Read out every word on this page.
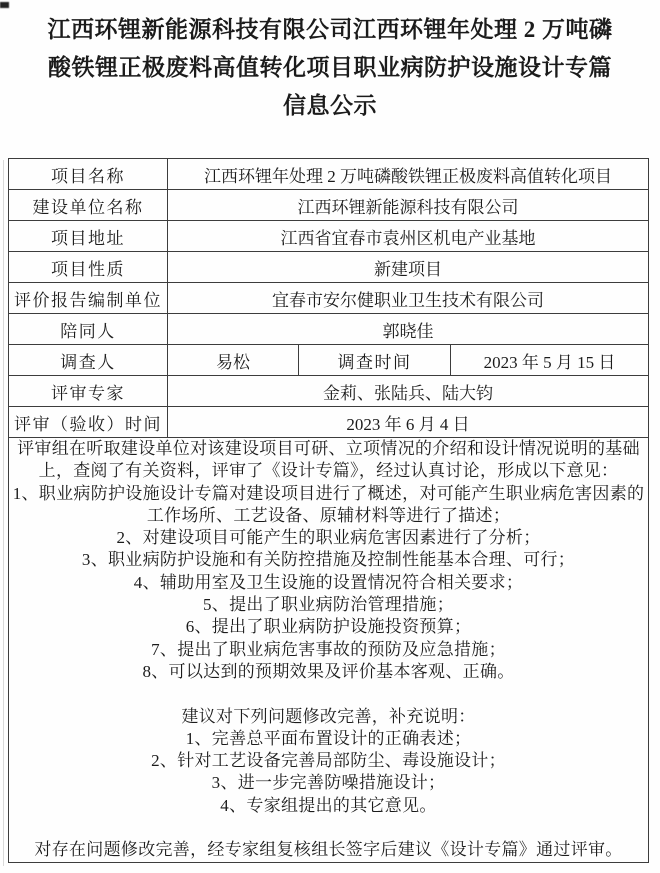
江西环锂新能源科技有限公司江西环锂年处理 2 万吨磷
酸铁锂正极废料高值转化项目职业病防护设施设计专篇
信息公示
项目名称	江西环锂年处理 2 万吨磷酸铁锂正极废料高值转化项目		
建设单位名称	江西环锂新能源科技有限公司		
项目地址	江西省宜春市袁州区机电产业基地		
项目性质	新建项目		
评价报告编制单位	宜春市安尔健职业卫生技术有限公司		
陪同人	郭晓佳		
调查人	易松	调查时间	2023 年 5 月 15 日
评审专家	金莉、张陆兵、陆大钧		
评审（验收）时间	2023 年 6 月 4 日		

评审组在听取建设单位对该建设项目可研、立项情况的介绍和设计情况说明的基础
上，查阅了有关资料，评审了《设计专篇》，经过认真讨论，形成以下意见：
1、职业病防护设施设计专篇对建设项目进行了概述，对可能产生职业病危害因素的
工作场所、工艺设备、原辅材料等进行了描述；
2、对建设项目可能产生的职业病危害因素进行了分析；
3、职业病防护设施和有关防控措施及控制性能基本合理、可行；
4、辅助用室及卫生设施的设置情况符合相关要求；
5、提出了职业病防治管理措施；
6、提出了职业病防护设施投资预算；
7、提出了职业病危害事故的预防及应急措施；
8、可以达到的预期效果及评价基本客观、正确。
建议对下列问题修改完善，补充说明：
1、完善总平面布置设计的正确表述；
2、针对工艺设备完善局部防尘、毒设施设计；
3、进一步完善防噪措施设计；
4、专家组提出的其它意见。
对存在问题修改完善，经专家组复核组长签字后建议《设计专篇》通过评审。
